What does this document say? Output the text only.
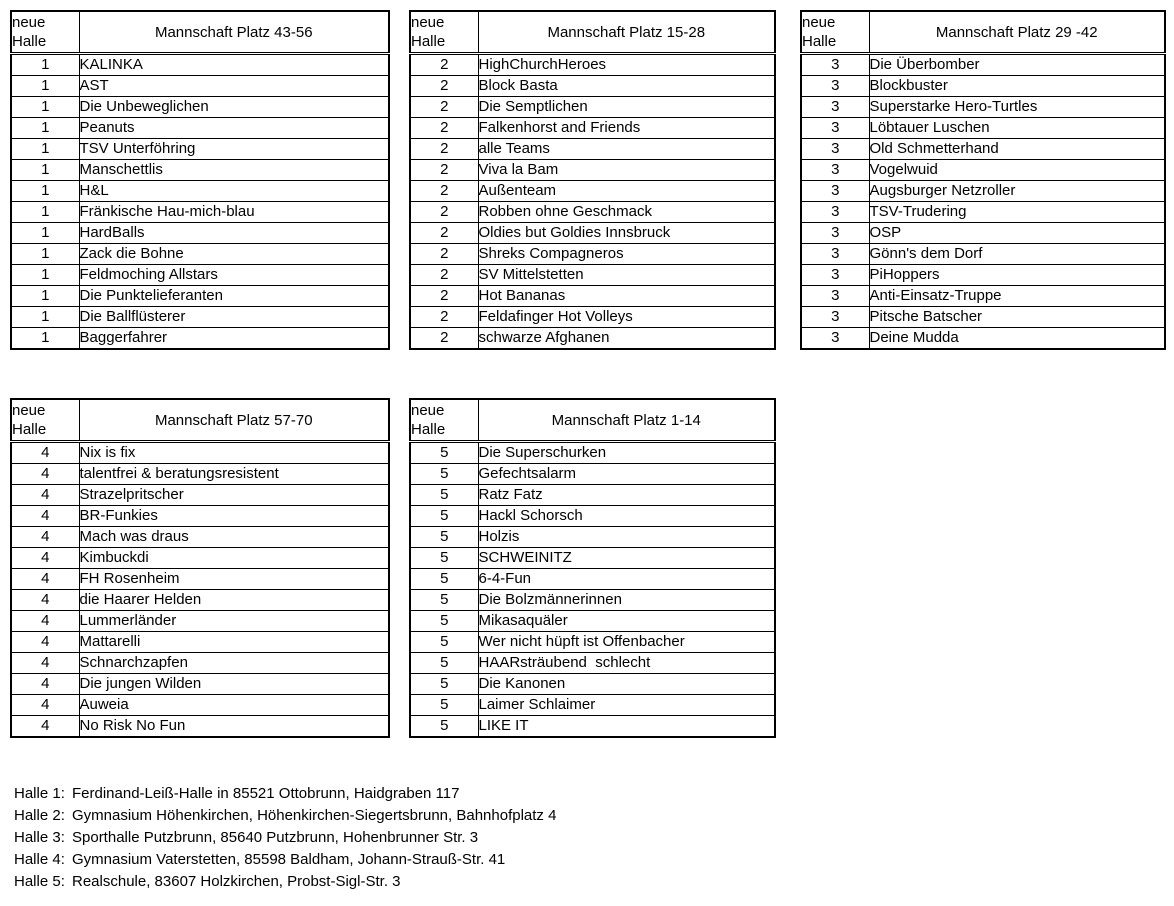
neue Halle	Mannschaft Platz 43-56
1	KALINKA
1	AST
1	Die Unbeweglichen
1	Peanuts
1	TSV Unterföhring
1	Manschettlis
1	H&L
1	Fränkische Hau-mich-blau
1	HardBalls
1	Zack die Bohne
1	Feldmoching Allstars
1	Die Punktelieferanten
1	Die Ballflüsterer
1	Baggerfahrer
neue Halle	Mannschaft Platz 15-28
2	HighChurchHeroes
2	Block Basta
2	Die Semptlichen
2	Falkenhorst and Friends
2	alle Teams
2	Viva la Bam
2	Außenteam
2	Robben ohne Geschmack
2	Oldies but Goldies Innsbruck
2	Shreks Compagneros
2	SV Mittelstetten
2	Hot Bananas
2	Feldafinger Hot Volleys
2	schwarze Afghanen
neue Halle	Mannschaft Platz 29 -42
3	Die Überbomber
3	Blockbuster
3	Superstarke Hero-Turtles
3	Löbtauer Luschen
3	Old Schmetterhand
3	Vogelwuid
3	Augsburger Netzroller
3	TSV-Trudering
3	OSP
3	Gönn's dem Dorf
3	PiHoppers
3	Anti-Einsatz-Truppe
3	Pitsche Batscher
3	Deine Mudda
neue Halle	Mannschaft Platz 57-70
4	Nix is fix
4	talentfrei & beratungsresistent
4	Strazelpritscher
4	BR-Funkies
4	Mach was draus
4	Kimbuckdi
4	FH Rosenheim
4	die Haarer Helden
4	Lummerländer
4	Mattarelli
4	Schnarchzapfen
4	Die jungen Wilden
4	Auweia
4	No Risk No Fun
neue Halle	Mannschaft Platz 1-14
5	Die Superschurken
5	Gefechtsalarm
5	Ratz Fatz
5	Hackl Schorsch
5	Holzis
5	SCHWEINITZ
5	6-4-Fun
5	Die Bolzmännerinnen
5	Mikasaquäler
5	Wer nicht hüpft ist Offenbacher
5	HAARsträubend  schlecht
5	Die Kanonen
5	Laimer Schlaimer
5	LIKE IT
Halle 1: Ferdinand-Leiß-Halle in 85521 Ottobrunn, Haidgraben 117
Halle 2: Gymnasium Höhenkirchen, Höhenkirchen-Siegertsbrunn, Bahnhofplatz 4
Halle 3: Sporthalle Putzbrunn, 85640 Putzbrunn, Hohenbrunner Str. 3
Halle 4: Gymnasium Vaterstetten, 85598 Baldham, Johann-Strauß-Str. 41
Halle 5: Realschule, 83607 Holzkirchen, Probst-Sigl-Str. 3
